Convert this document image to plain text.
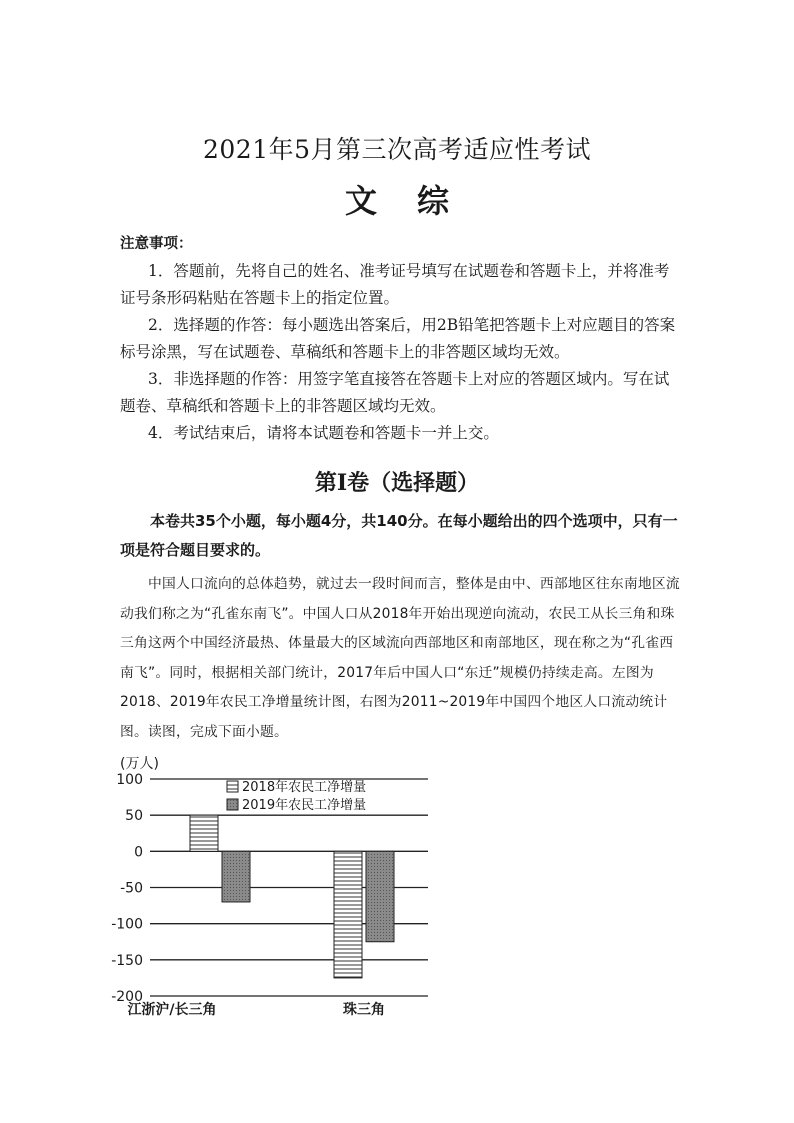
2021年5月第三次高考适应性考试
文综
注意事项：

1．答题前，先将自己的姓名、准考证号填写在试题卷和答题卡上，并将准考证号条形码粘贴在答题卡上的指定位置。

2．选择题的作答：每小题选出答案后，用2B铅笔把答题卡上对应题目的答案标号涂黑，写在试题卷、草稿纸和答题卡上的非答题区域均无效。

3．非选择题的作答：用签字笔直接答在答题卡上对应的答题区域内。写在试题卷、草稿纸和答题卡上的非答题区域均无效。

4．考试结束后，请将本试题卷和答题卡一并上交。

第Ⅰ卷（选择题）

本卷共35个小题，每小题4分，共140分。在每小题给出的四个选项中，只有一项是符合题目要求的。

中国人口流向的总体趋势，就过去一段时间而言，整体是由中、西部地区往东南地区流动我们称之为“孔雀东南飞”。中国人口从2018年开始出现逆向流动，农民工从长三角和珠三角这两个中国经济最热、体量最大的区域流向西部地区和南部地区，现在称之为“孔雀西南飞”。同时，根据相关部门统计，2017年后中国人口“东迁”规模仍持续走高。左图为2018、2019年农民工净增量统计图，右图为2011~2019年中国四个地区人口流动统计图。读图，完成下面小题。

100
50
0
-50
-100
-150
-200
江浙沪/长三角	珠三角
(万人)
2018年农民工净增量
2019年农民工净增量
